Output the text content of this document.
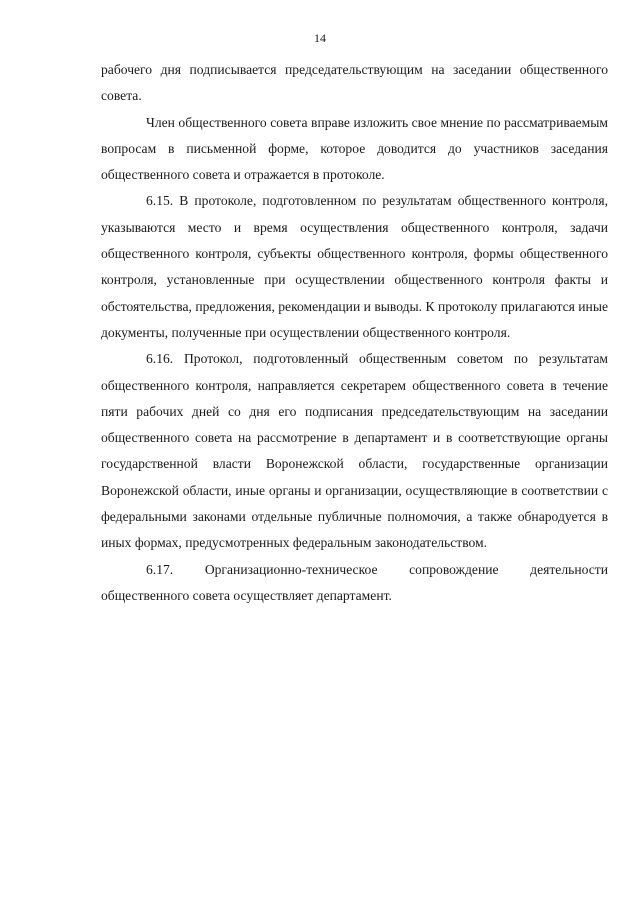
14

рабочего дня подписывается председательствующим на заседании общественного совета.

Член общественного совета вправе изложить свое мнение по рассматриваемым вопросам в письменной форме, которое доводится до участников заседания общественного совета и отражается в протоколе.

6.15. В протоколе, подготовленном по результатам общественного контроля, указываются место и время осуществления общественного контроля, задачи общественного контроля, субъекты общественного контроля, формы общественного контроля, установленные при осуществлении общественного контроля факты и обстоятельства, предложения, рекомендации и выводы. К протоколу прилагаются иные документы, полученные при осуществлении общественного контроля.

6.16. Протокол, подготовленный общественным советом по результатам общественного контроля, направляется секретарем общественного совета в течение пяти рабочих дней со дня его подписания председательствующим на заседании общественного совета на рассмотрение в департамент и в соответствующие органы государственной власти Воронежской области, государственные организации Воронежской области, иные органы и организации, осуществляющие в соответствии с федеральными законами отдельные публичные полномочия, а также обнародуется в иных формах, предусмотренных федеральным законодательством.

6.17. Организационно-техническое сопровождение деятельности общественного совета осуществляет департамент.
